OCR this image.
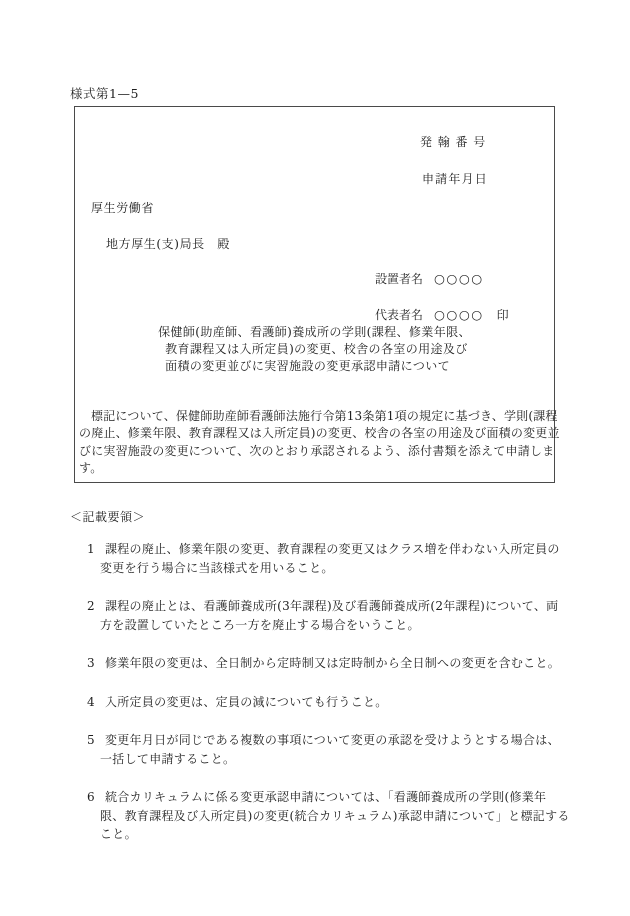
様式第1—5
発翰番号
申請年月日
厚生労働省
地方厚生(支)局長　殿
設置者名 ○○○○
代表者名 ○○○○ 印
保健師(助産師、看護師)養成所の学則(課程、修業年限、
教育課程又は入所定員)の変更、校舎の各室の用途及び
面積の変更並びに実習施設の変更承認申請について
標記について、保健師助産師看護師法施行令第13条第1項の規定に基づき、学則(課程
の廃止、修業年限、教育課程又は入所定員)の変更、校舎の各室の用途及び面積の変更並
びに実習施設の変更について、次のとおり承認されるよう、添付書類を添えて申請しま
す。
＜記載要領＞
1 課程の廃止、修業年限の変更、教育課程の変更又はクラス増を伴わない入所定員の
変更を行う場合に当該様式を用いること。
2 課程の廃止とは、看護師養成所(3年課程)及び看護師養成所(2年課程)について、両
方を設置していたところ一方を廃止する場合をいうこと。
3 修業年限の変更は、全日制から定時制又は定時制から全日制への変更を含むこと。
4 入所定員の変更は、定員の減についても行うこと。
5 変更年月日が同じである複数の事項について変更の承認を受けようとする場合は、
一括して申請すること。
6 統合カリキュラムに係る変更承認申請については、「看護師養成所の学則(修業年
限、教育課程及び入所定員)の変更(統合カリキュラム)承認申請について」と標記する
こと。
